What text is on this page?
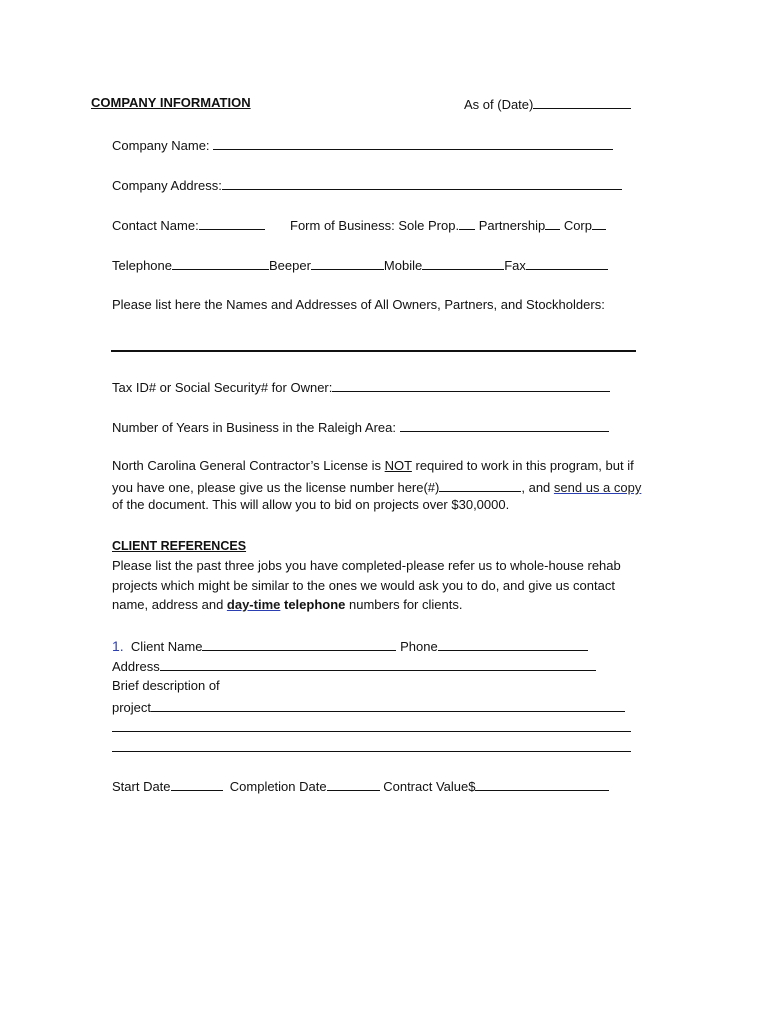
COMPANY INFORMATION	As of (Date)
Company Name:
Company Address:
Contact Name:	Form of Business: Sole Prop. Partnership Corp
Telephone	Beeper	Mobile	Fax
Please list here the Names and Addresses of All Owners, Partners, and Stockholders:
Tax ID# or Social Security# for Owner:
Number of Years in Business in the Raleigh Area:
North Carolina General Contractor’s License is NOT required to work in this program, but if
you have one, please give us the license number here(#)	, and send us a copy
of the document. This will allow you to bid on projects over $30,0000.
CLIENT REFERENCES
Please list the past three jobs you have completed-please refer us to whole-house rehab
projects which might be similar to the ones we would ask you to do, and give us contact
name, address and day-time telephone numbers for clients.
1. Client Name	Phone
Address
Brief description of
project
Start Date	Completion Date	Contract Value$
